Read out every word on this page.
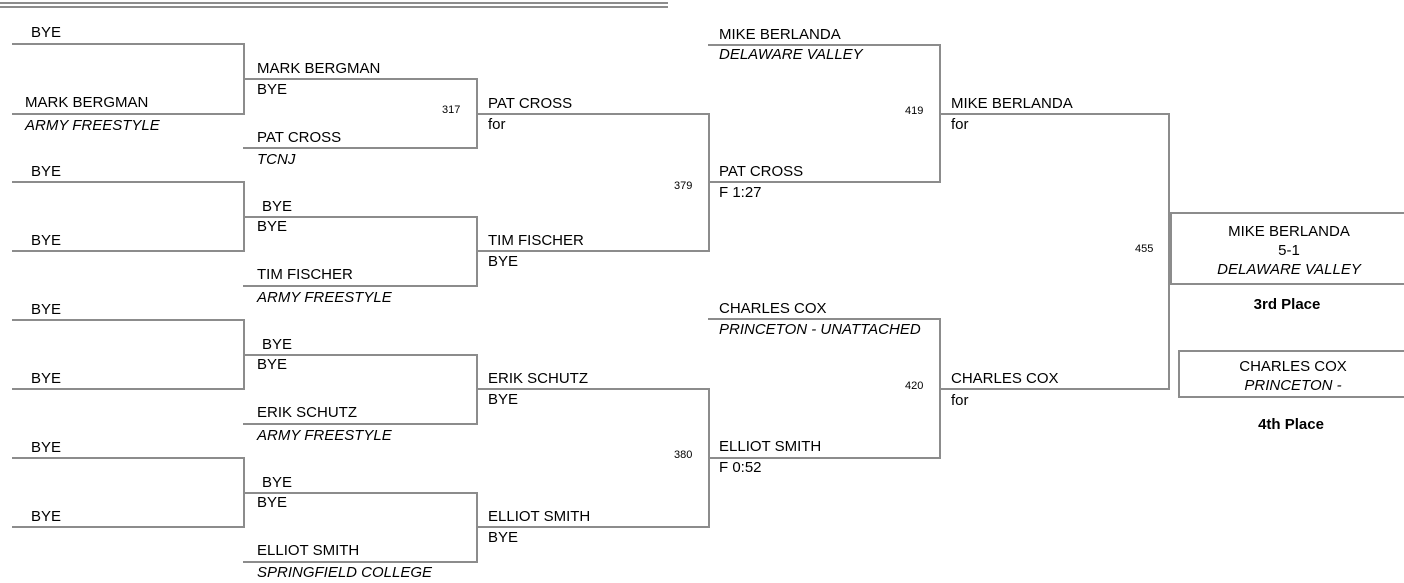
BYE
MARK BERGMAN
ARMY FREESTYLE
BYE
BYE
BYE
BYE
BYE
BYE
MARK BERGMAN
BYE
317
PAT CROSS
TCNJ
BYE
BYE
TIM FISCHER
ARMY FREESTYLE
BYE
BYE
ERIK SCHUTZ
ARMY FREESTYLE
BYE
BYE
ELLIOT SMITH
SPRINGFIELD COLLEGE
PAT CROSS
for
379
TIM FISCHER
BYE
ERIK SCHUTZ
BYE
380
ELLIOT SMITH
BYE
MIKE BERLANDA
DELAWARE VALLEY
419
PAT CROSS
F 1:27
CHARLES COX
PRINCETON - UNATTACHED
420
ELLIOT SMITH
F 0:52
MIKE BERLANDA
for
455
CHARLES COX
for
MIKE BERLANDA
5-1
DELAWARE VALLEY
3rd Place
CHARLES COX
PRINCETON -
4th Place
